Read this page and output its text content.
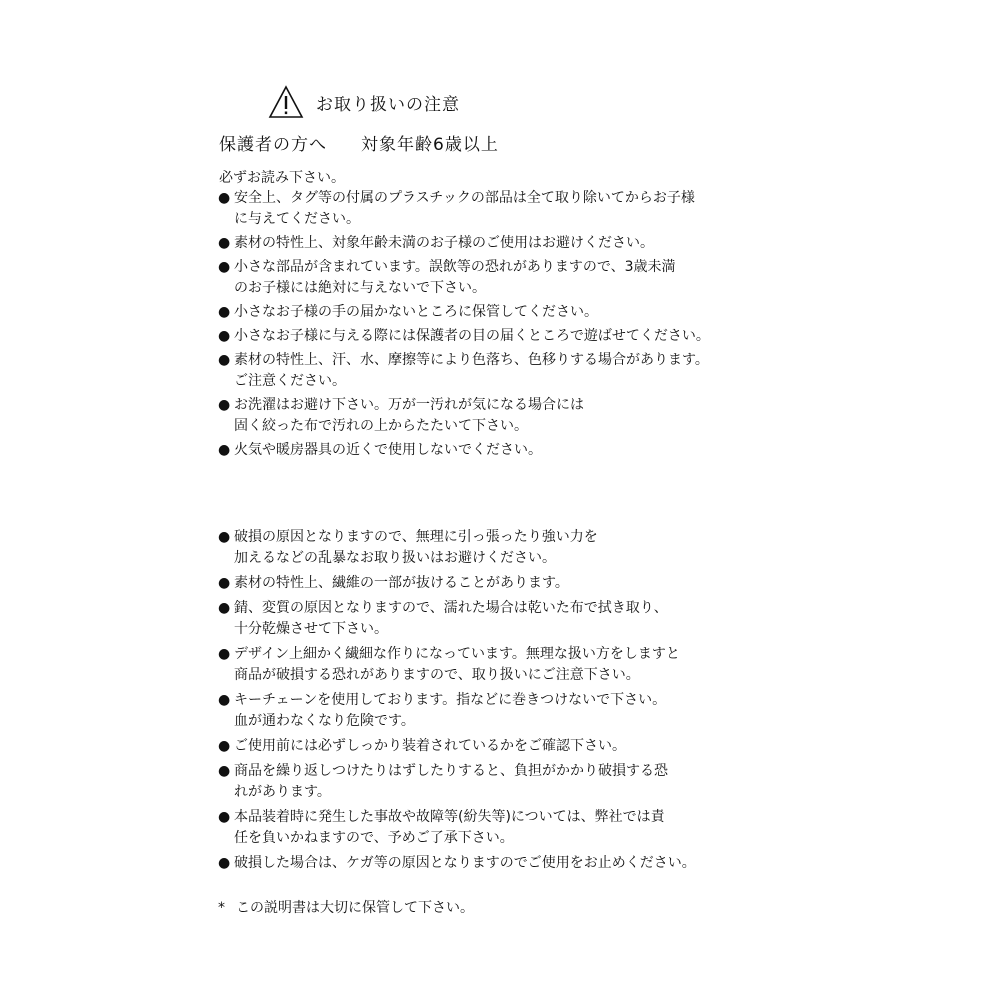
お取り扱いの注意
保護者の方へ 対象年齢6歳以上
必ずお読み下さい。
● 安全上、タグ等の付属のプラスチックの部品は全て取り除いてからお子様
に与えてください。
● 素材の特性上、対象年齢未満のお子様のご使用はお避けください。
● 小さな部品が含まれています。誤飲等の恐れがありますので、3歳未満
のお子様には絶対に与えないで下さい。
● 小さなお子様の手の届かないところに保管してください。
● 小さなお子様に与える際には保護者の目の届くところで遊ばせてください。
● 素材の特性上、汗、水、摩擦等により色落ち、色移りする場合があります。
ご注意ください。
● お洗濯はお避け下さい。万が一汚れが気になる場合には
固く絞った布で汚れの上からたたいて下さい。
● 火気や暖房器具の近くで使用しないでください。
● 破損の原因となりますので、無理に引っ張ったり強い力を
加えるなどの乱暴なお取り扱いはお避けください。
● 素材の特性上、繊維の一部が抜けることがあります。
● 錆、変質の原因となりますので、濡れた場合は乾いた布で拭き取り、
十分乾燥させて下さい。
● デザイン上細かく繊細な作りになっています。無理な扱い方をしますと
商品が破損する恐れがありますので、取り扱いにご注意下さい。
● キーチェーンを使用しております。指などに巻きつけないで下さい。
血が通わなくなり危険です。
● ご使用前には必ずしっかり装着されているかをご確認下さい。
● 商品を繰り返しつけたりはずしたりすると、負担がかかり破損する恐
れがあります。
● 本品装着時に発生した事故や故障等(紛失等)については、弊社では責
任を負いかねますので、予めご了承下さい。
● 破損した場合は、ケガ等の原因となりますのでご使用をお止めください。
* この説明書は大切に保管して下さい。
